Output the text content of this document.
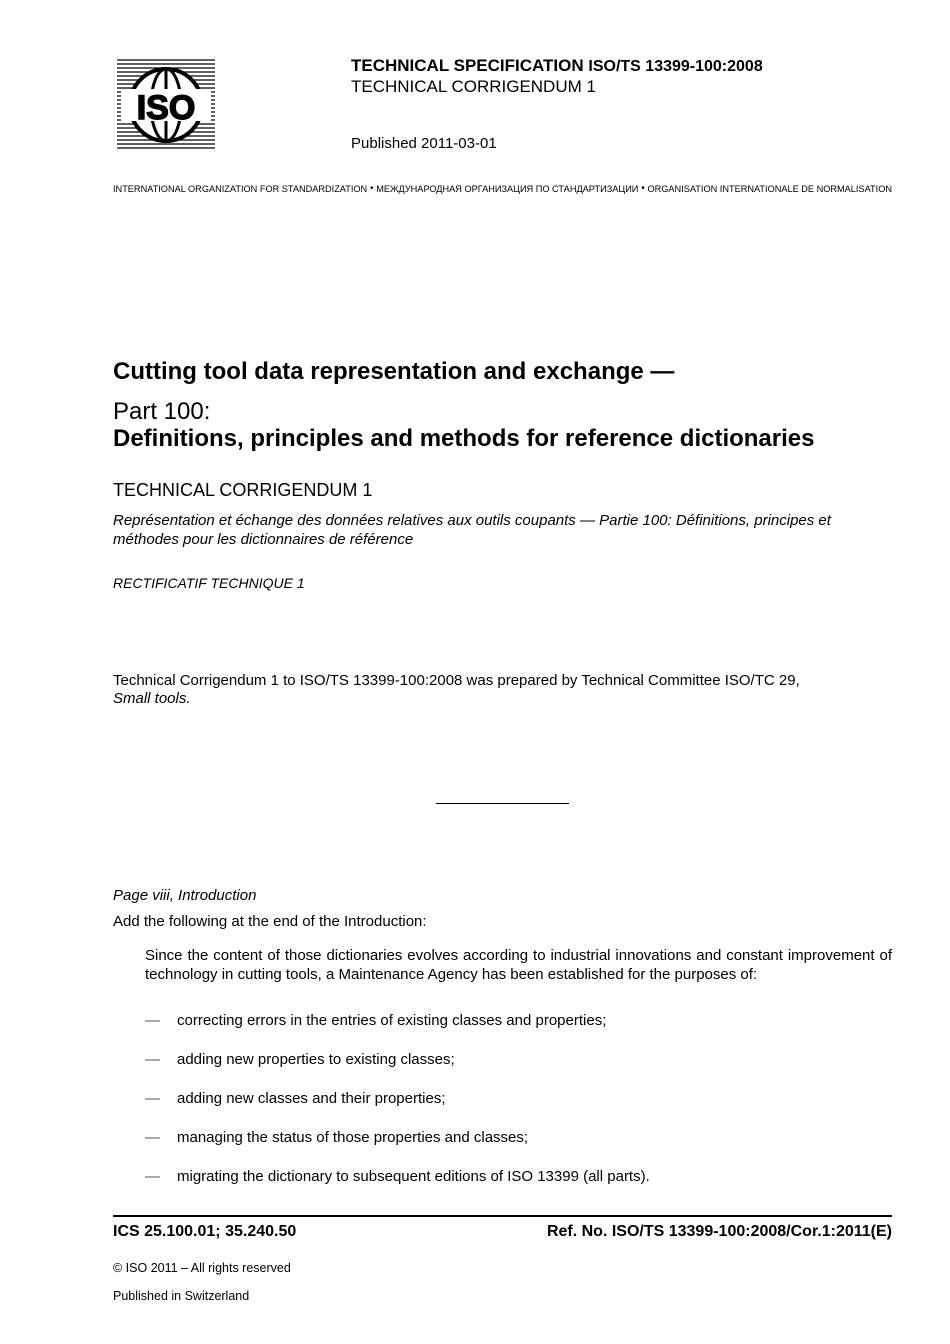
ISO
TECHNICAL SPECIFICATION ISO/TS 13399-100:2008
TECHNICAL CORRIGENDUM 1
Published 2011-03-01
INTERNATIONAL ORGANIZATION FOR STANDARDIZATION • МЕЖДУНАРОДНАЯ ОРГАНИЗАЦИЯ ПО СТАНДАРТИЗАЦИИ • ORGANISATION INTERNATIONALE DE NORMALISATION
Cutting tool data representation and exchange —
Part 100:
Definitions, principles and methods for reference dictionaries
TECHNICAL CORRIGENDUM 1
Représentation et échange des données relatives aux outils coupants — Partie 100: Définitions, principes et méthodes pour les dictionnaires de référence
RECTIFICATIF TECHNIQUE 1
Technical Corrigendum 1 to ISO/TS 13399-100:2008 was prepared by Technical Committee ISO/TC 29,
Small tools.
Page viii, Introduction
Add the following at the end of the Introduction:
Since the content of those dictionaries evolves according to industrial innovations and constant improvement of technology in cutting tools, a Maintenance Agency has been established for the purposes of:
— correcting errors in the entries of existing classes and properties;
— adding new properties to existing classes;
— adding new classes and their properties;
— managing the status of those properties and classes;
— migrating the dictionary to subsequent editions of ISO 13399 (all parts).
ICS 25.100.01; 35.240.50	Ref. No. ISO/TS 13399-100:2008/Cor.1:2011(E)
© ISO 2011 – All rights reserved
Published in Switzerland
